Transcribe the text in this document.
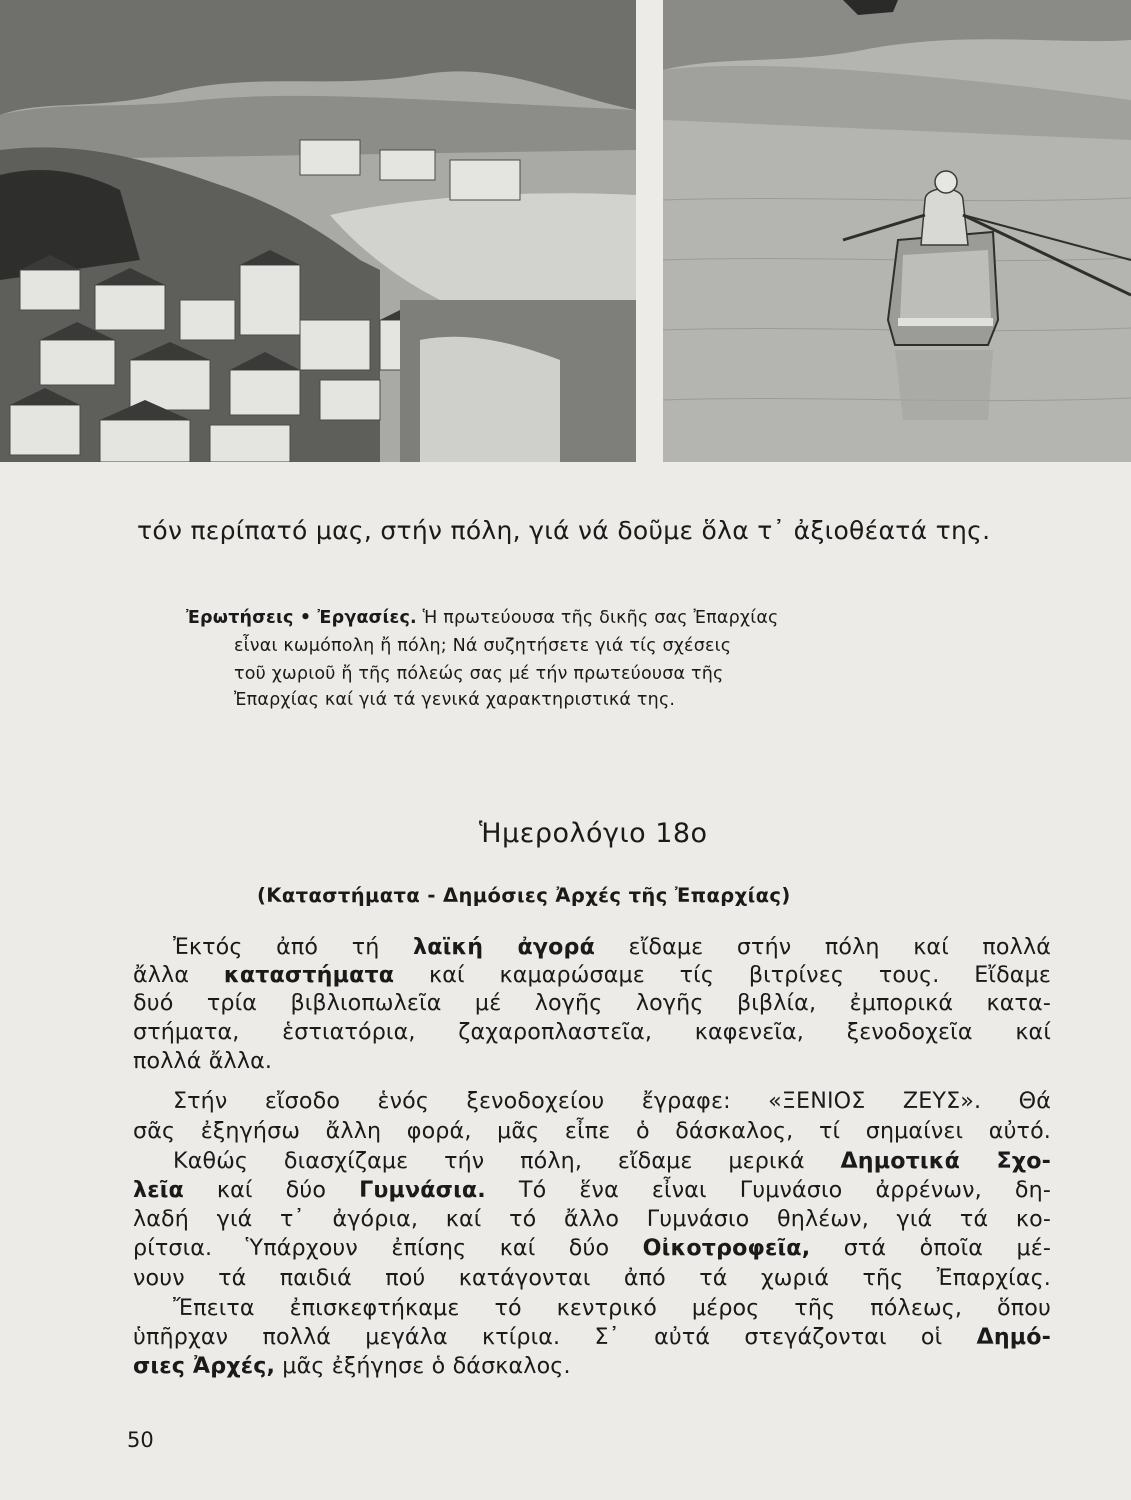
τόν περίπατό μας, στήν πόλη, γιά νά δοῦμε ὅλα τ᾿ ἀξιοθέατά της.
Ἐρωτήσεις • Ἐργασίες. Ἡ πρωτεύουσα τῆς δικῆς σας Ἐπαρχίας
εἶναι κωμόπολη ἤ πόλη; Νά συζητήσετε γιά τίς σχέσεις
τοῦ χωριοῦ ἤ τῆς πόλεώς σας μέ τήν πρωτεύουσα τῆς
Ἐπαρχίας καί γιά τά γενικά χαρακτηριστικά της.
Ἡμερολόγιο 18ο
(Καταστήματα - Δημόσιες Ἀρχές τῆς Ἐπαρχίας)
Ἐκτός ἀπό τή λαϊκή ἀγορά εἴδαμε στήν πόλη καί πολλά
ἄλλα καταστήματα καί καμαρώσαμε τίς βιτρίνες τους. Εἴδαμε
δυό τρία βιβλιοπωλεῖα μέ λογῆς λογῆς βιβλία, ἐμπορικά κατα-
στήματα, ἑστιατόρια, ζαχαροπλαστεῖα, καφενεῖα, ξενοδοχεῖα καί
πολλά ἄλλα.
Στήν εἴσοδο ἑνός ξενοδοχείου ἔγραφε: «ΞΕΝΙΟΣ ΖΕΥΣ». Θά
σᾶς ἐξηγήσω ἄλλη φορά, μᾶς εἶπε ὁ δάσκαλος, τί σημαίνει αὐτό.
Καθώς διασχίζαμε τήν πόλη, εἴδαμε μερικά Δημοτικά Σχο-
λεῖα καί δύο Γυμνάσια. Τό ἕνα εἶναι Γυμνάσιο ἀρρένων, δη-
λαδή γιά τ᾿ ἀγόρια, καί τό ἄλλο Γυμνάσιο θηλέων, γιά τά κο-
ρίτσια. Ὑπάρχουν ἐπίσης καί δύο Οἰκοτροφεῖα, στά ὁποῖα μέ-
νουν τά παιδιά πού κατάγονται ἀπό τά χωριά τῆς Ἐπαρχίας.
Ἔπειτα ἐπισκεφτήκαμε τό κεντρικό μέρος τῆς πόλεως, ὅπου
ὑπῆρχαν πολλά μεγάλα κτίρια. Σ᾿ αὐτά στεγάζονται οἱ Δημό-
σιες Ἀρχές, μᾶς ἐξήγησε ὁ δάσκαλος.
50
